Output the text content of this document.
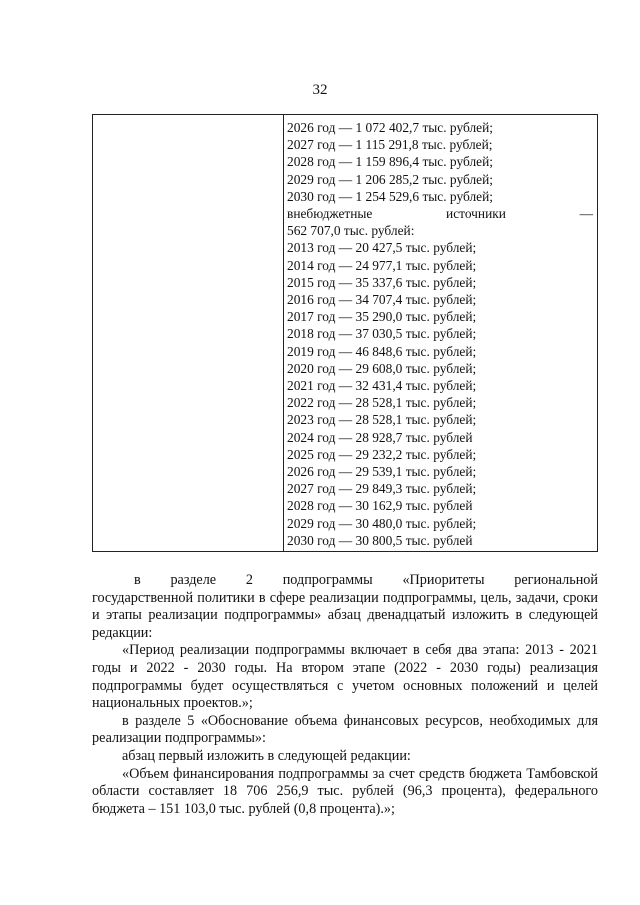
32
2026 год — 1 072 402,7 тыс. рублей;
2027 год — 1 115 291,8 тыс. рублей;
2028 год — 1 159 896,4 тыс. рублей;
2029 год — 1 206 285,2 тыс. рублей;
2030 год — 1 254 529,6 тыс. рублей;
внебюджетные	источники	—
562 707,0 тыс. рублей:
2013 год — 20 427,5 тыс. рублей;
2014 год — 24 977,1 тыс. рублей;
2015 год — 35 337,6 тыс. рублей;
2016 год — 34 707,4 тыс. рублей;
2017 год — 35 290,0 тыс. рублей;
2018 год — 37 030,5 тыс. рублей;
2019 год — 46 848,6 тыс. рублей;
2020 год — 29 608,0 тыс. рублей;
2021 год — 32 431,4 тыс. рублей;
2022 год — 28 528,1 тыс. рублей;
2023 год — 28 528,1 тыс. рублей;
2024 год — 28 928,7 тыс. рублей
2025 год — 29 232,2 тыс. рублей;
2026 год — 29 539,1 тыс. рублей;
2027 год — 29 849,3 тыс. рублей;
2028 год — 30 162,9 тыс. рублей
2029 год — 30 480,0 тыс. рублей;
2030 год — 30 800,5 тыс. рублей
в разделе 2 подпрограммы «Приоритеты региональной
государственной политики в сфере реализации подпрограммы, цель, задачи, сроки и этапы реализации подпрограммы» абзац двенадцатый изложить в следующей редакции:
«Период реализации подпрограммы включает в себя два этапа: 2013 - 2021 годы и 2022 - 2030 годы. На втором этапе (2022 - 2030 годы) реализация подпрограммы будет осуществляться с учетом основных положений и целей национальных проектов.»;
в разделе 5 «Обоснование объема финансовых ресурсов, необходимых для реализации подпрограммы»:
абзац первый изложить в следующей редакции:
«Объем финансирования подпрограммы за счет средств бюджета Тамбовской области составляет 18 706 256,9 тыс. рублей (96,3 процента), федерального бюджета – 151 103,0 тыс. рублей (0,8 процента).»;
